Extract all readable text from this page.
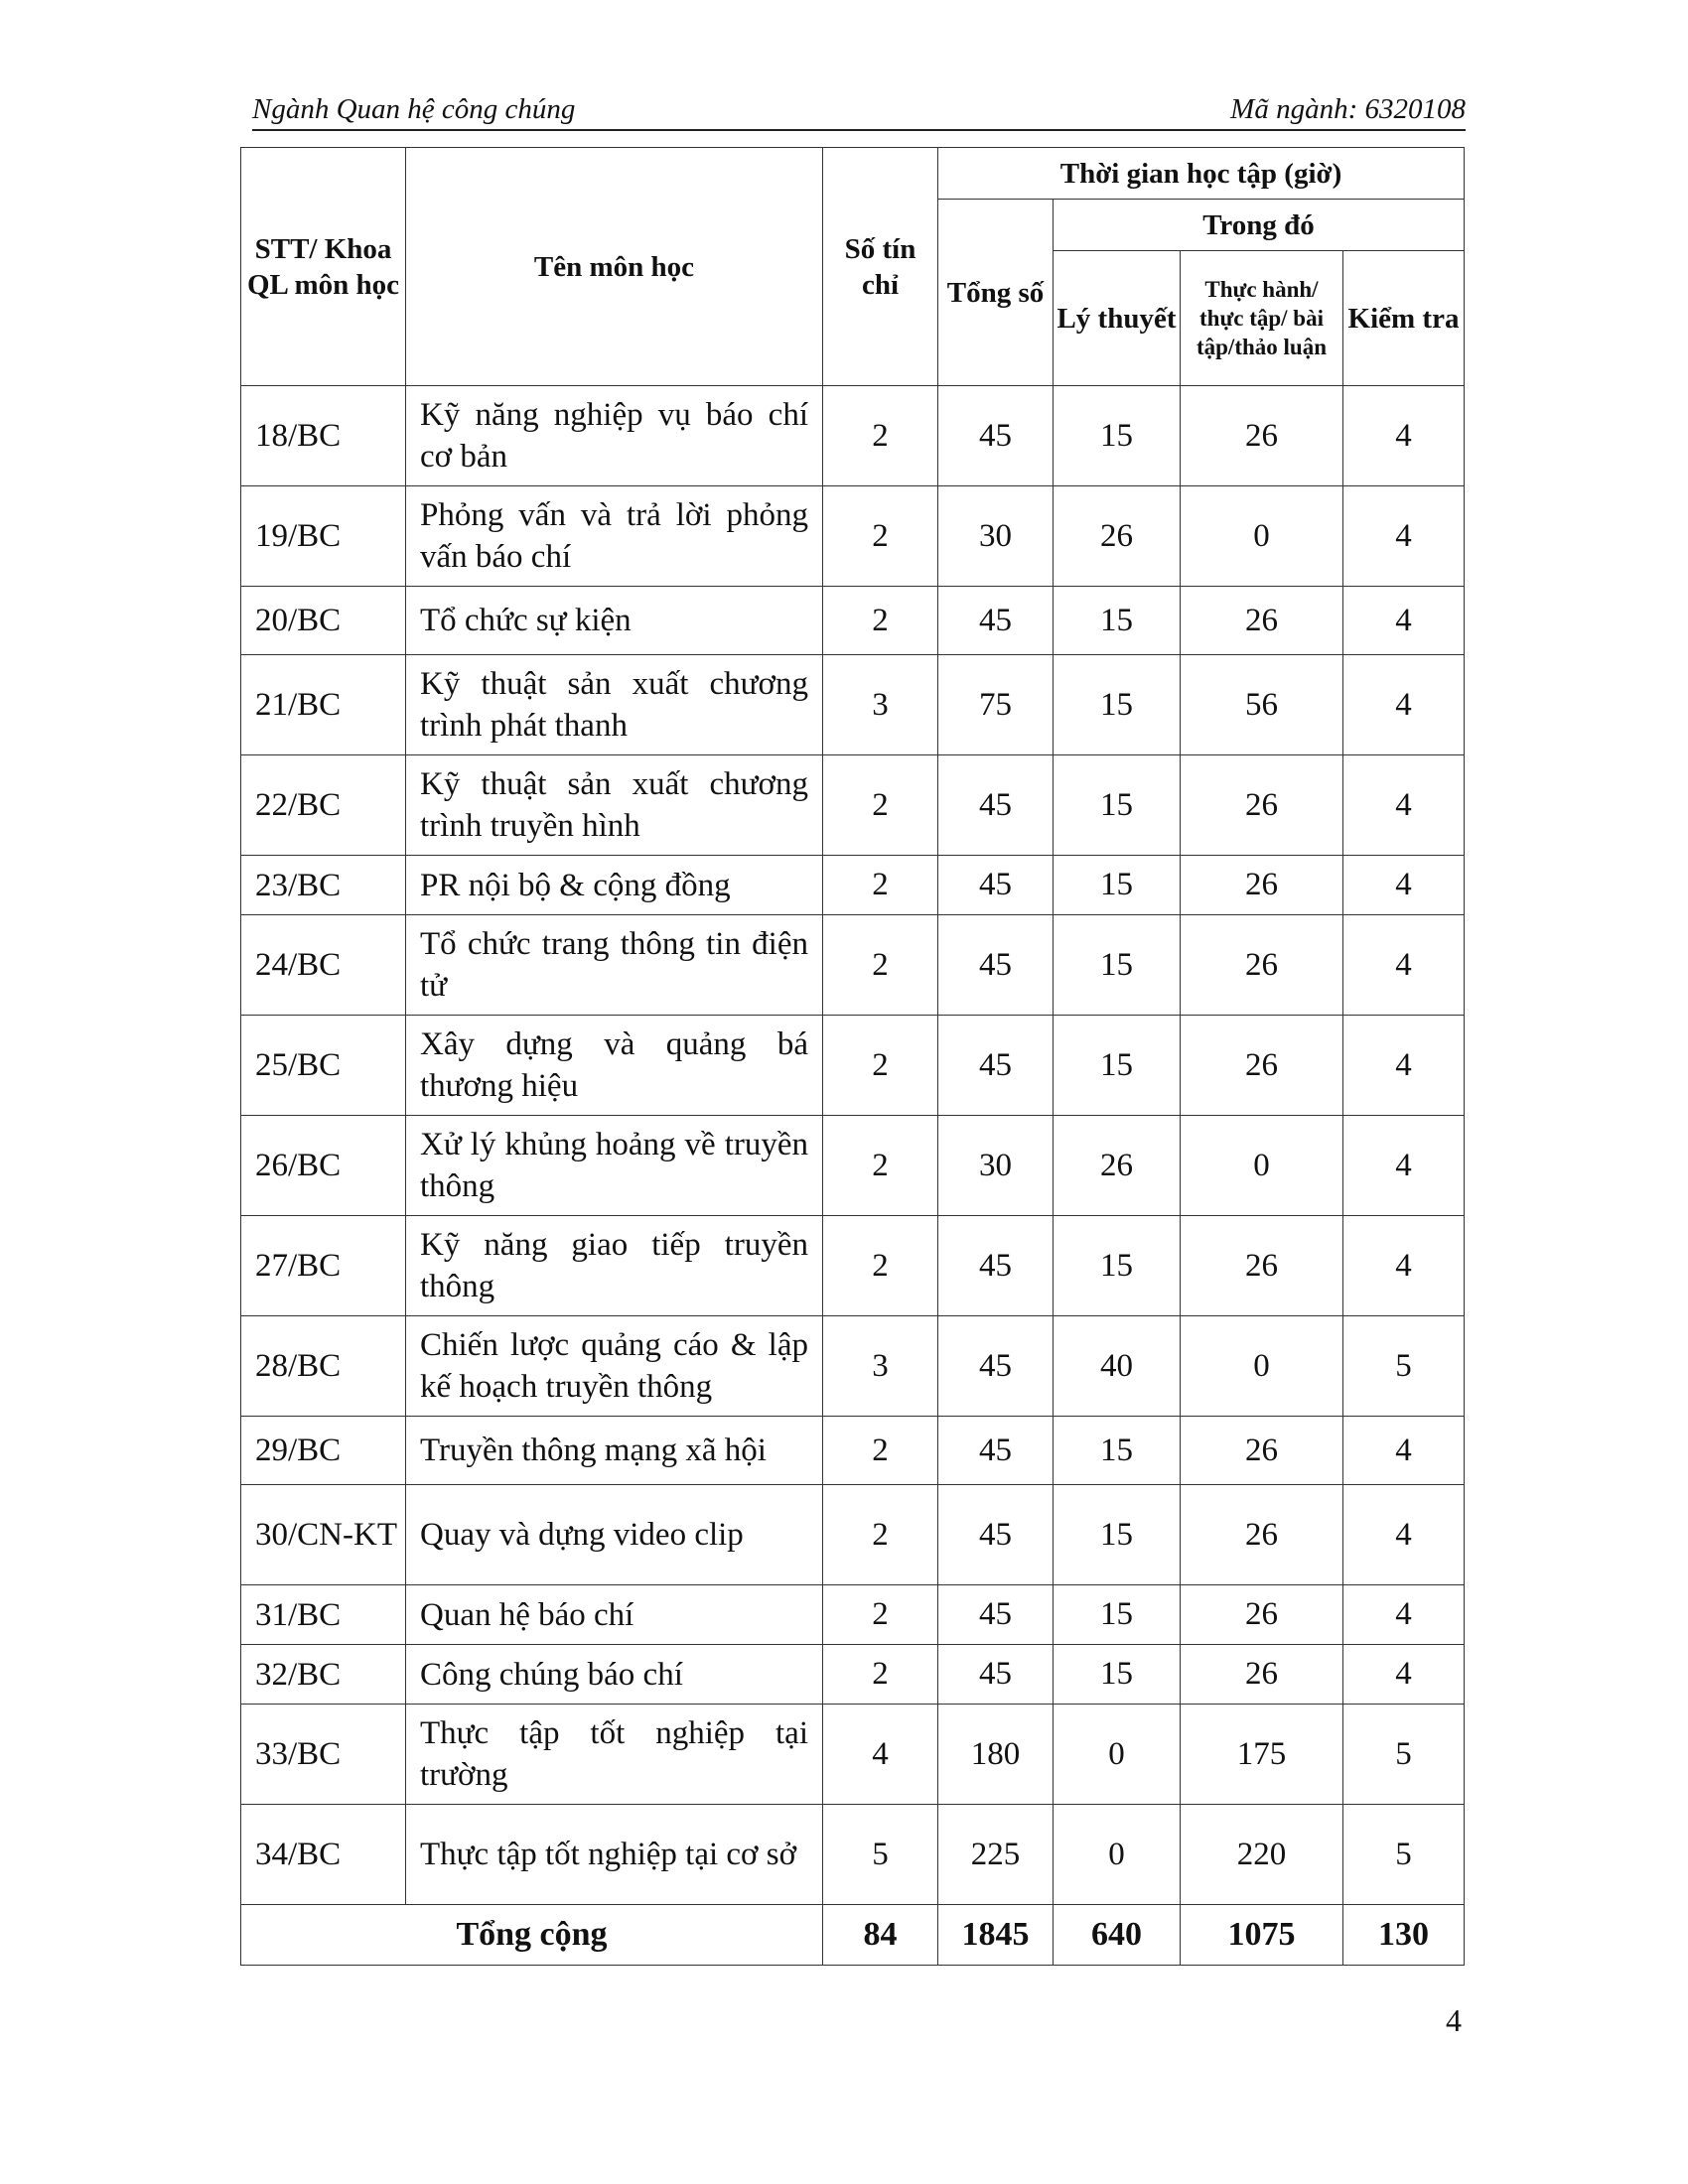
Ngành Quan hệ công chúng	Mã ngành: 6320108
STT/ Khoa QL môn học	Tên môn học	Số tín chỉ	Thời gian học tập (giờ)			
			Tổng số	Trong đó		
				Lý thuyết	Thực hành/ thực tập/ bài tập/thảo luận	Kiểm tra
18/BC	Kỹ năng nghiệp vụ báo chí cơ bản	2	45	15	26	4
19/BC	Phỏng vấn và trả lời phỏng vấn báo chí	2	30	26	0	4
20/BC	Tổ chức sự kiện	2	45	15	26	4
21/BC	Kỹ thuật sản xuất chương trình phát thanh	3	75	15	56	4
22/BC	Kỹ thuật sản xuất chương trình truyền hình	2	45	15	26	4
23/BC	PR nội bộ & cộng đồng	2	45	15	26	4
24/BC	Tổ chức trang thông tin điện tử	2	45	15	26	4
25/BC	Xây dựng và quảng bá thương hiệu	2	45	15	26	4
26/BC	Xử lý khủng hoảng về truyền thông	2	30	26	0	4
27/BC	Kỹ năng giao tiếp truyền thông	2	45	15	26	4
28/BC	Chiến lược quảng cáo & lập kế hoạch truyền thông	3	45	40	0	5
29/BC	Truyền thông mạng xã hội	2	45	15	26	4
30/CN-KT	Quay và dựng video clip	2	45	15	26	4
31/BC	Quan hệ báo chí	2	45	15	26	4
32/BC	Công chúng báo chí	2	45	15	26	4
33/BC	Thực tập tốt nghiệp tại trường	4	180	0	175	5
34/BC	Thực tập tốt nghiệp tại cơ sở	5	225	0	220	5
Tổng cộng		84	1845	640	1075	130
4
